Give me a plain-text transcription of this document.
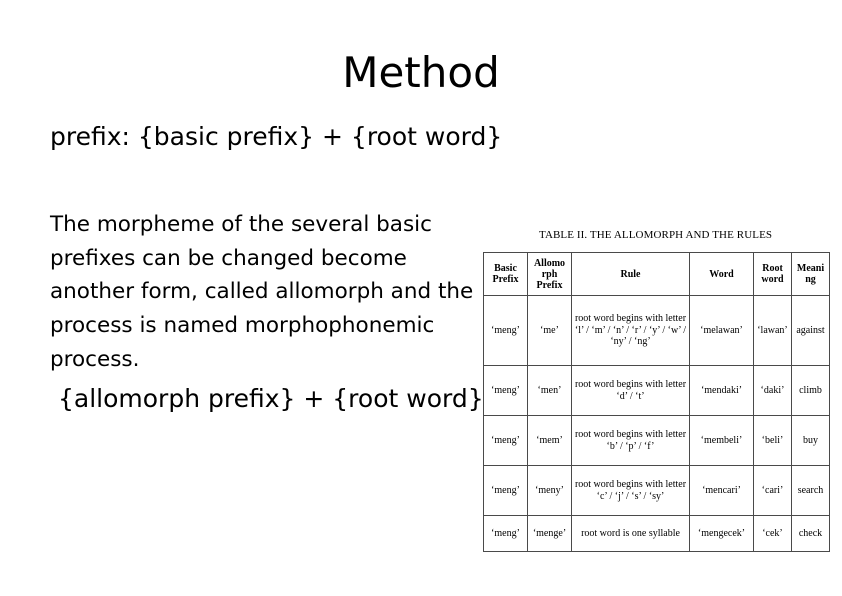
Method
prefix: {basic prefix} + {root word}
The morpheme of the several basic prefixes can be changed become another form, called allomorph and the process is named morphophonemic process.
{allomorph prefix} + {root word}
TABLE II. THE ALLOMORPH AND THE RULES
Basic Prefix	Allomo rph Prefix	Rule	Word	Root word	Meani ng
‘meng’	‘me’	root word begins with letter ‘l’ / ‘m’ / ‘n’ / ‘r’ / ‘y’ / ‘w’ / ‘ny’ / ‘ng’	‘melawan’	‘lawan’	against
‘meng’	‘men’	root word begins with letter ‘d’ / ‘t’	‘mendaki’	‘daki’	climb
‘meng’	‘mem’	root word begins with letter ‘b’ / ‘p’ / ‘f’	‘membeli’	‘beli’	buy
‘meng’	‘meny’	root word begins with letter ‘c’ / ‘j’ / ‘s’ / ‘sy’	‘mencari’	‘cari’	search
‘meng’	‘menge’	root word is one syllable	‘mengecek’	‘cek’	check
